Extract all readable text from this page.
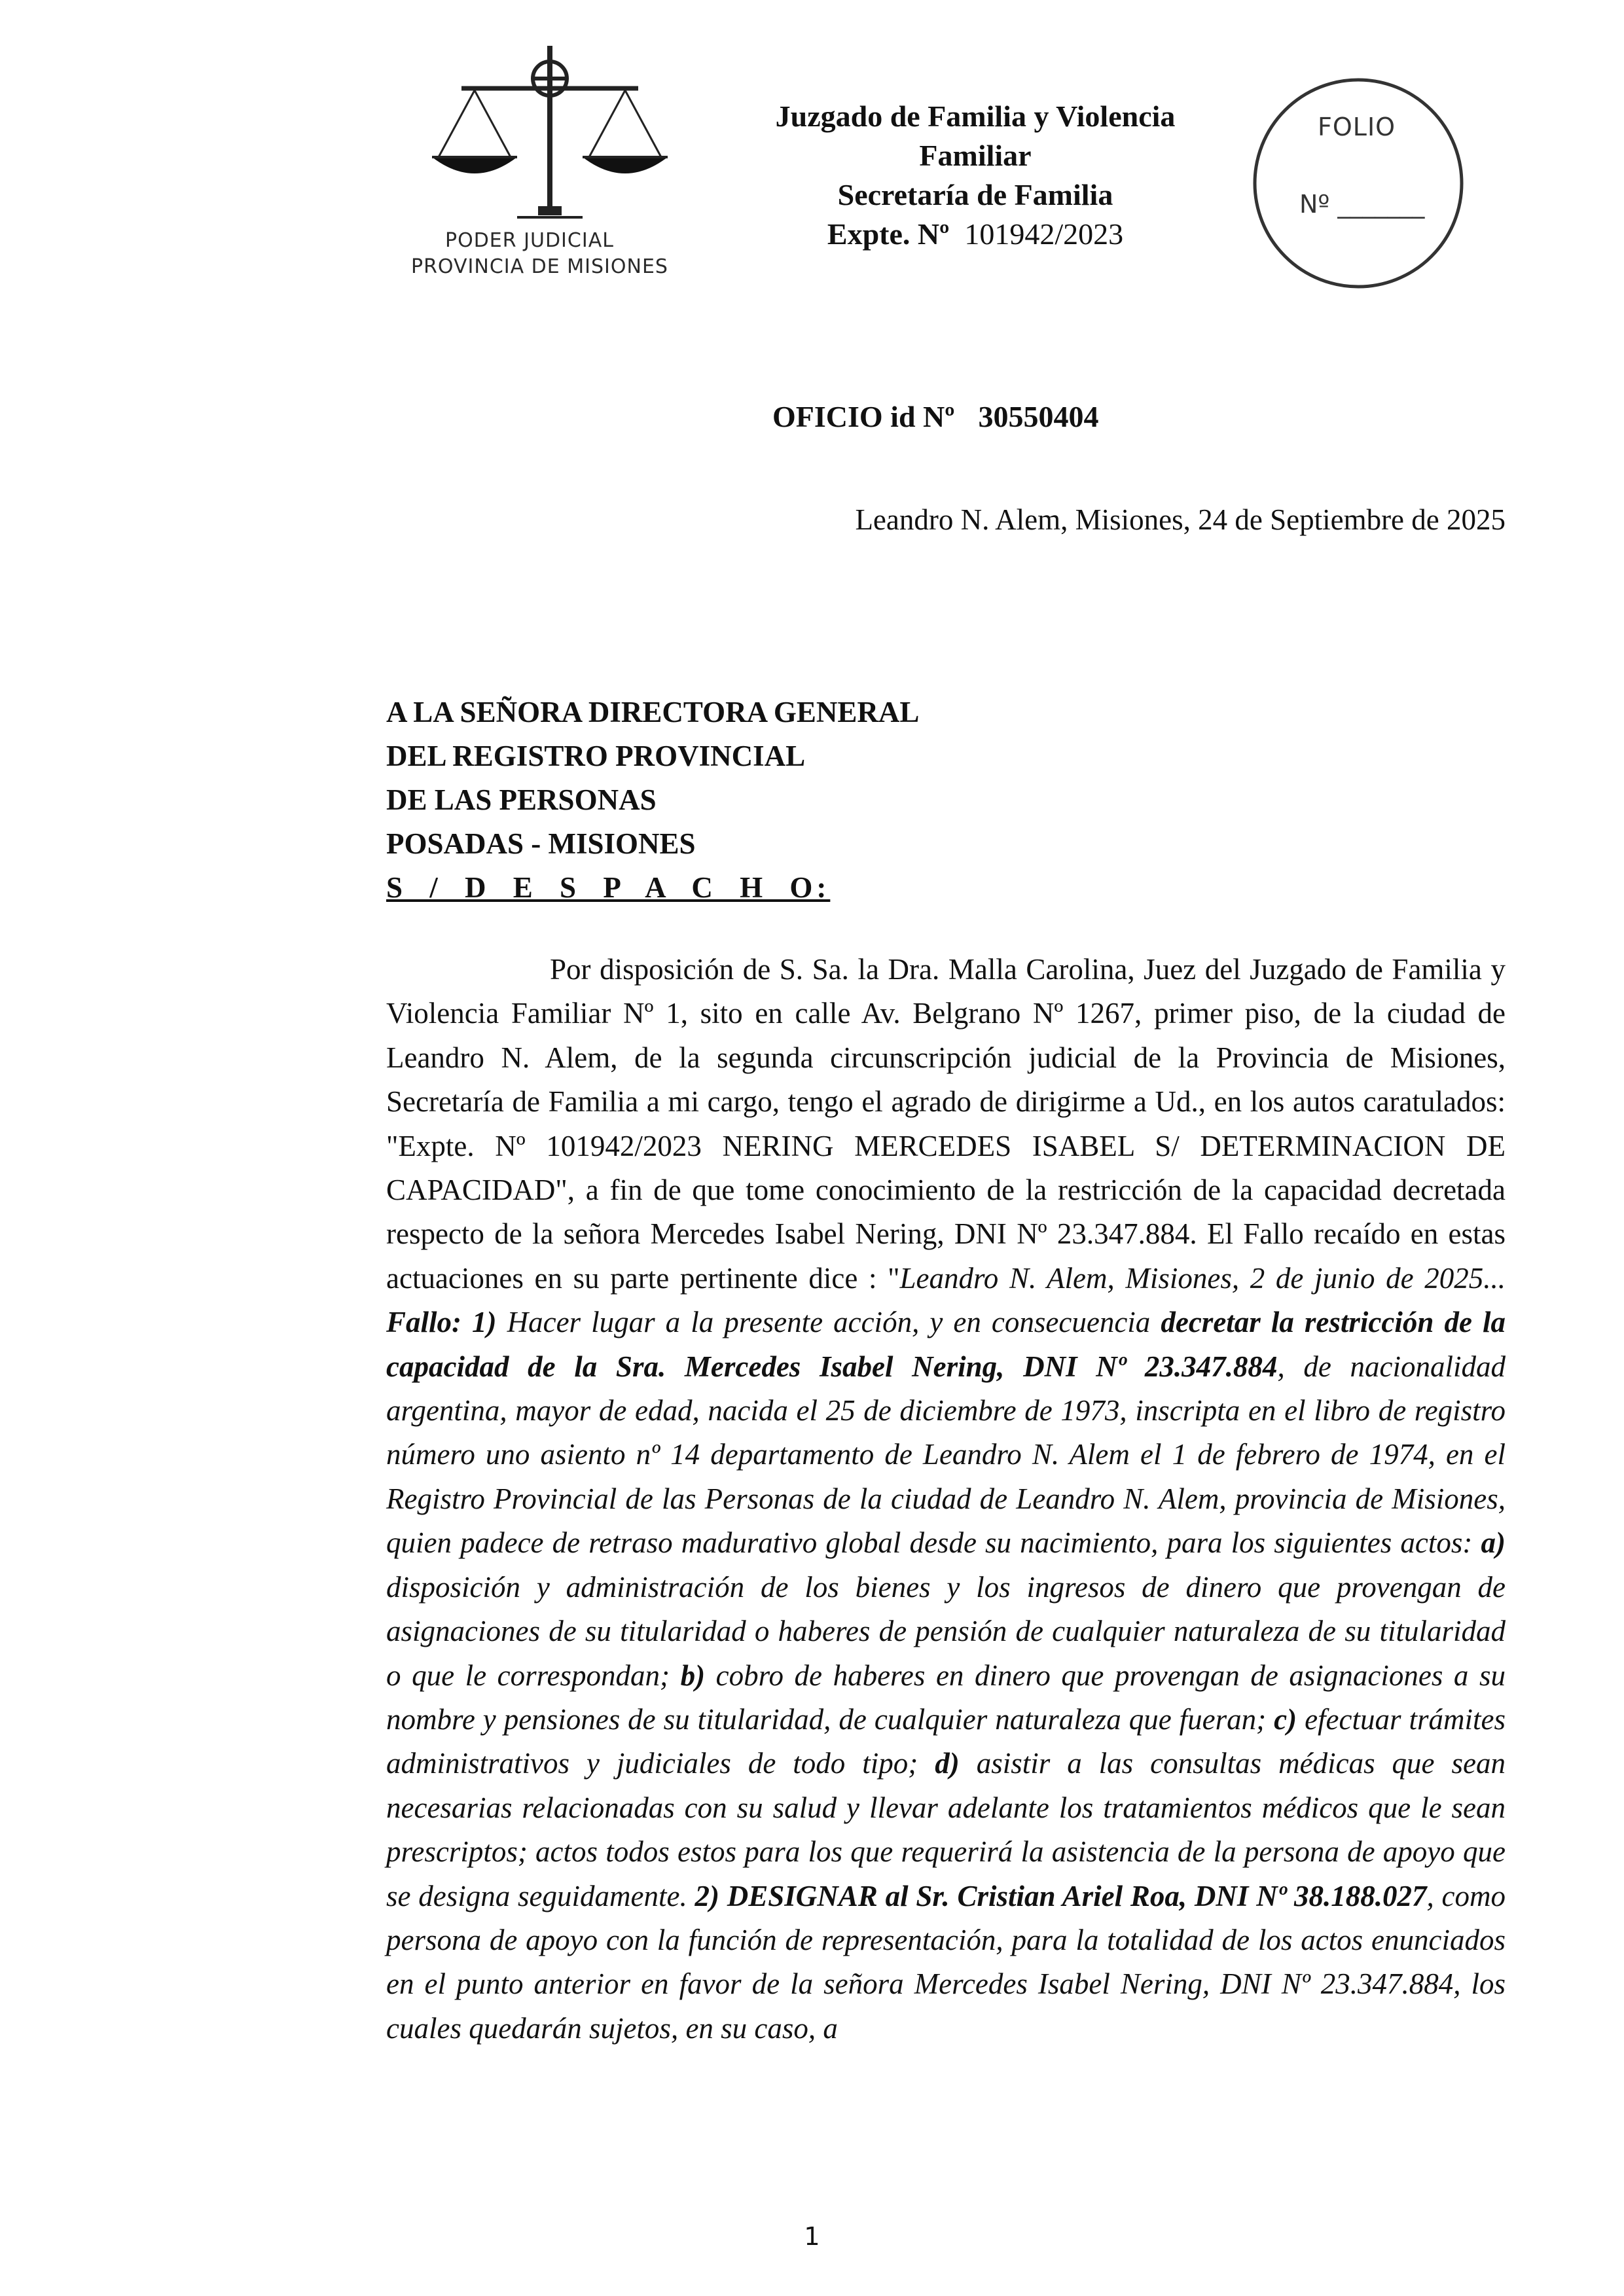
PODER JUDICIAL
PROVINCIA DE MISIONES
Juzgado de Familia y Violencia
Familiar
Secretaría de Familia
Expte. Nº 101942/2023
FOLIO
Nº _______
OFICIO id Nº 30550404
Leandro N. Alem, Misiones, 24 de Septiembre de 2025
A LA SEÑORA DIRECTORA GENERAL
DEL REGISTRO PROVINCIAL
DE LAS PERSONAS
POSADAS - MISIONES
S / D E S P A C H O:

Por disposición de S. Sa. la Dra. Malla Carolina, Juez del Juzgado de Familia y Violencia Familiar Nº 1, sito en calle Av. Belgrano Nº 1267, primer piso, de la ciudad de Leandro N. Alem, de la segunda circunscripción judicial de la Provincia de Misiones, Secretaría de Familia a mi cargo, tengo el agrado de dirigirme a Ud., en los autos caratulados: "Expte. Nº 101942/2023 NERING MERCEDES ISABEL S/ DETERMINACION DE CAPACIDAD", a fin de que tome conocimiento de la restricción de la capacidad decretada respecto de la señora Mercedes Isabel Nering, DNI Nº 23.347.884. El Fallo recaído en estas actuaciones en su parte pertinente dice : "Leandro N. Alem, Misiones, 2 de junio de 2025... Fallo: 1) Hacer lugar a la presente acción, y en consecuencia decretar la restricción de la capacidad de la Sra. Mercedes Isabel Nering, DNI Nº 23.347.884, de nacionalidad argentina, mayor de edad, nacida el 25 de diciembre de 1973, inscripta en el libro de registro número uno asiento nº 14 departamento de Leandro N. Alem el 1 de febrero de 1974, en el Registro Provincial de las Personas de la ciudad de Leandro N. Alem, provincia de Misiones, quien padece de retraso madurativo global desde su nacimiento, para los siguientes actos: a) disposición y administración de los bienes y los ingresos de dinero que provengan de asignaciones de su titularidad o haberes de pensión de cualquier naturaleza de su titularidad o que le correspondan; b) cobro de haberes en dinero que provengan de asignaciones a su nombre y pensiones de su titularidad, de cualquier naturaleza que fueran; c) efectuar trámites administrativos y judiciales de todo tipo; d) asistir a las consultas médicas que sean necesarias relacionadas con su salud y llevar adelante los tratamientos médicos que le sean prescriptos; actos todos estos para los que requerirá la asistencia de la persona de apoyo que se designa seguidamente. 2) DESIGNAR al Sr. Cristian Ariel Roa, DNI Nº 38.188.027, como persona de apoyo con la función de representación, para la totalidad de los actos enunciados en el punto anterior en favor de la señora Mercedes Isabel Nering, DNI Nº 23.347.884, los cuales quedarán sujetos, en su caso, a

1
